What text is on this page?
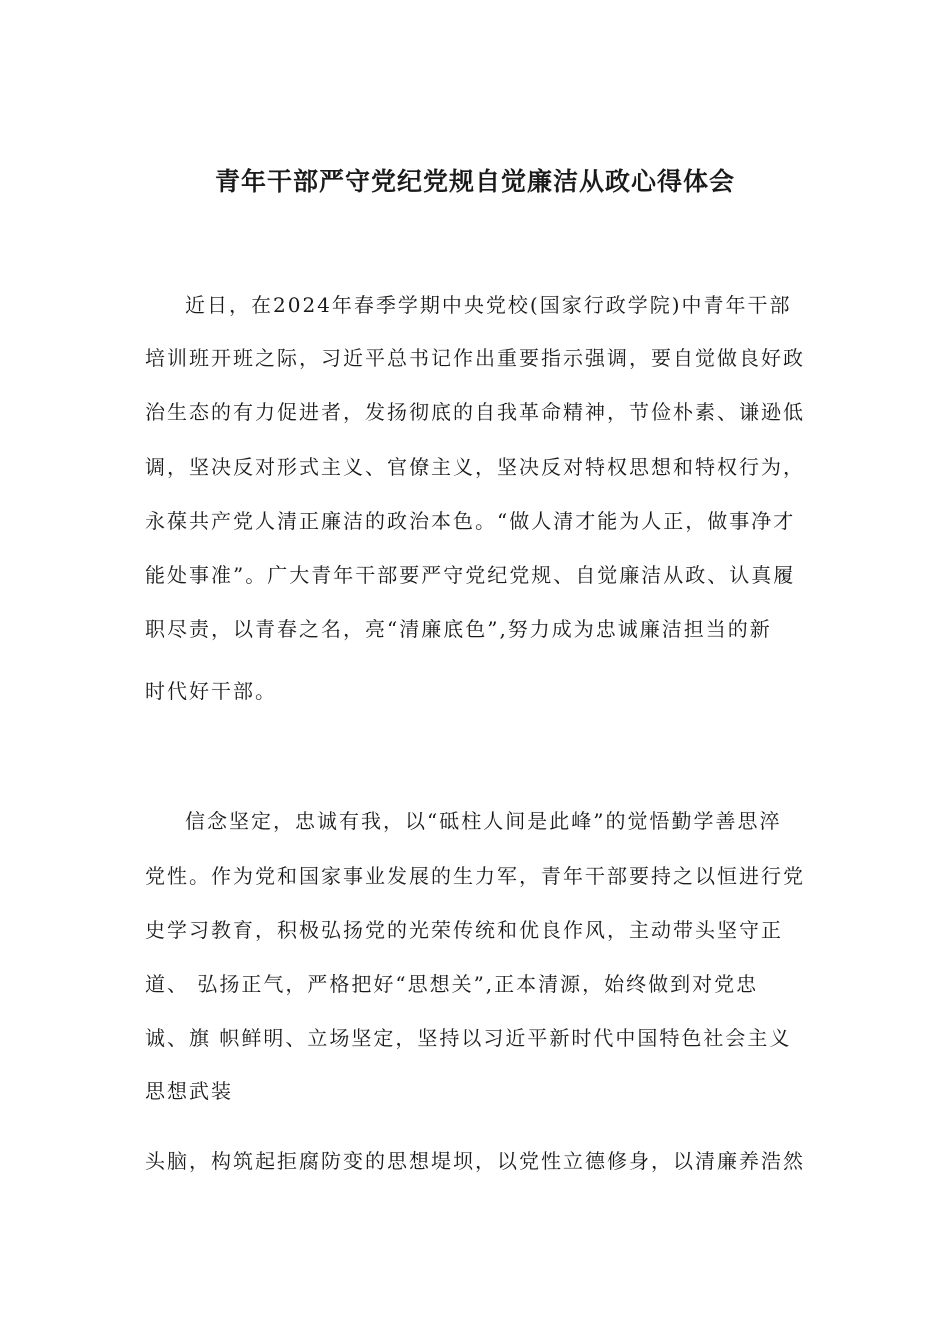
青年干部严守党纪党规自觉廉洁从政心得体会
近日，在2024年春季学期中央党校(国家行政学院)中青年干部
培训班开班之际，习近平总书记作出重要指示强调，要自觉做良好政
治生态的有力促进者，发扬彻底的自我革命精神，节俭朴素、谦逊低
调，坚决反对形式主义、官僚主义，坚决反对特权思想和特权行为，
永葆共产党人清正廉洁的政治本色。“做人清才能为人正，做事净才
能处事准”。广大青年干部要严守党纪党规、自觉廉洁从政、认真履
职尽责，以青春之名，亮“清廉底色”,努力成为忠诚廉洁担当的新
时代好干部。
信念坚定，忠诚有我，以“砥柱人间是此峰”的觉悟勤学善思淬
党性。作为党和国家事业发展的生力军，青年干部要持之以恒进行党
史学习教育，积极弘扬党的光荣传统和优良作风，主动带头坚守正
道、 弘扬正气，严格把好“思想关”,正本清源，始终做到对党忠
诚、旗 帜鲜明、立场坚定，坚持以习近平新时代中国特色社会主义
思想武装
头脑，构筑起拒腐防变的思想堤坝，以党性立德修身，以清廉养浩然
